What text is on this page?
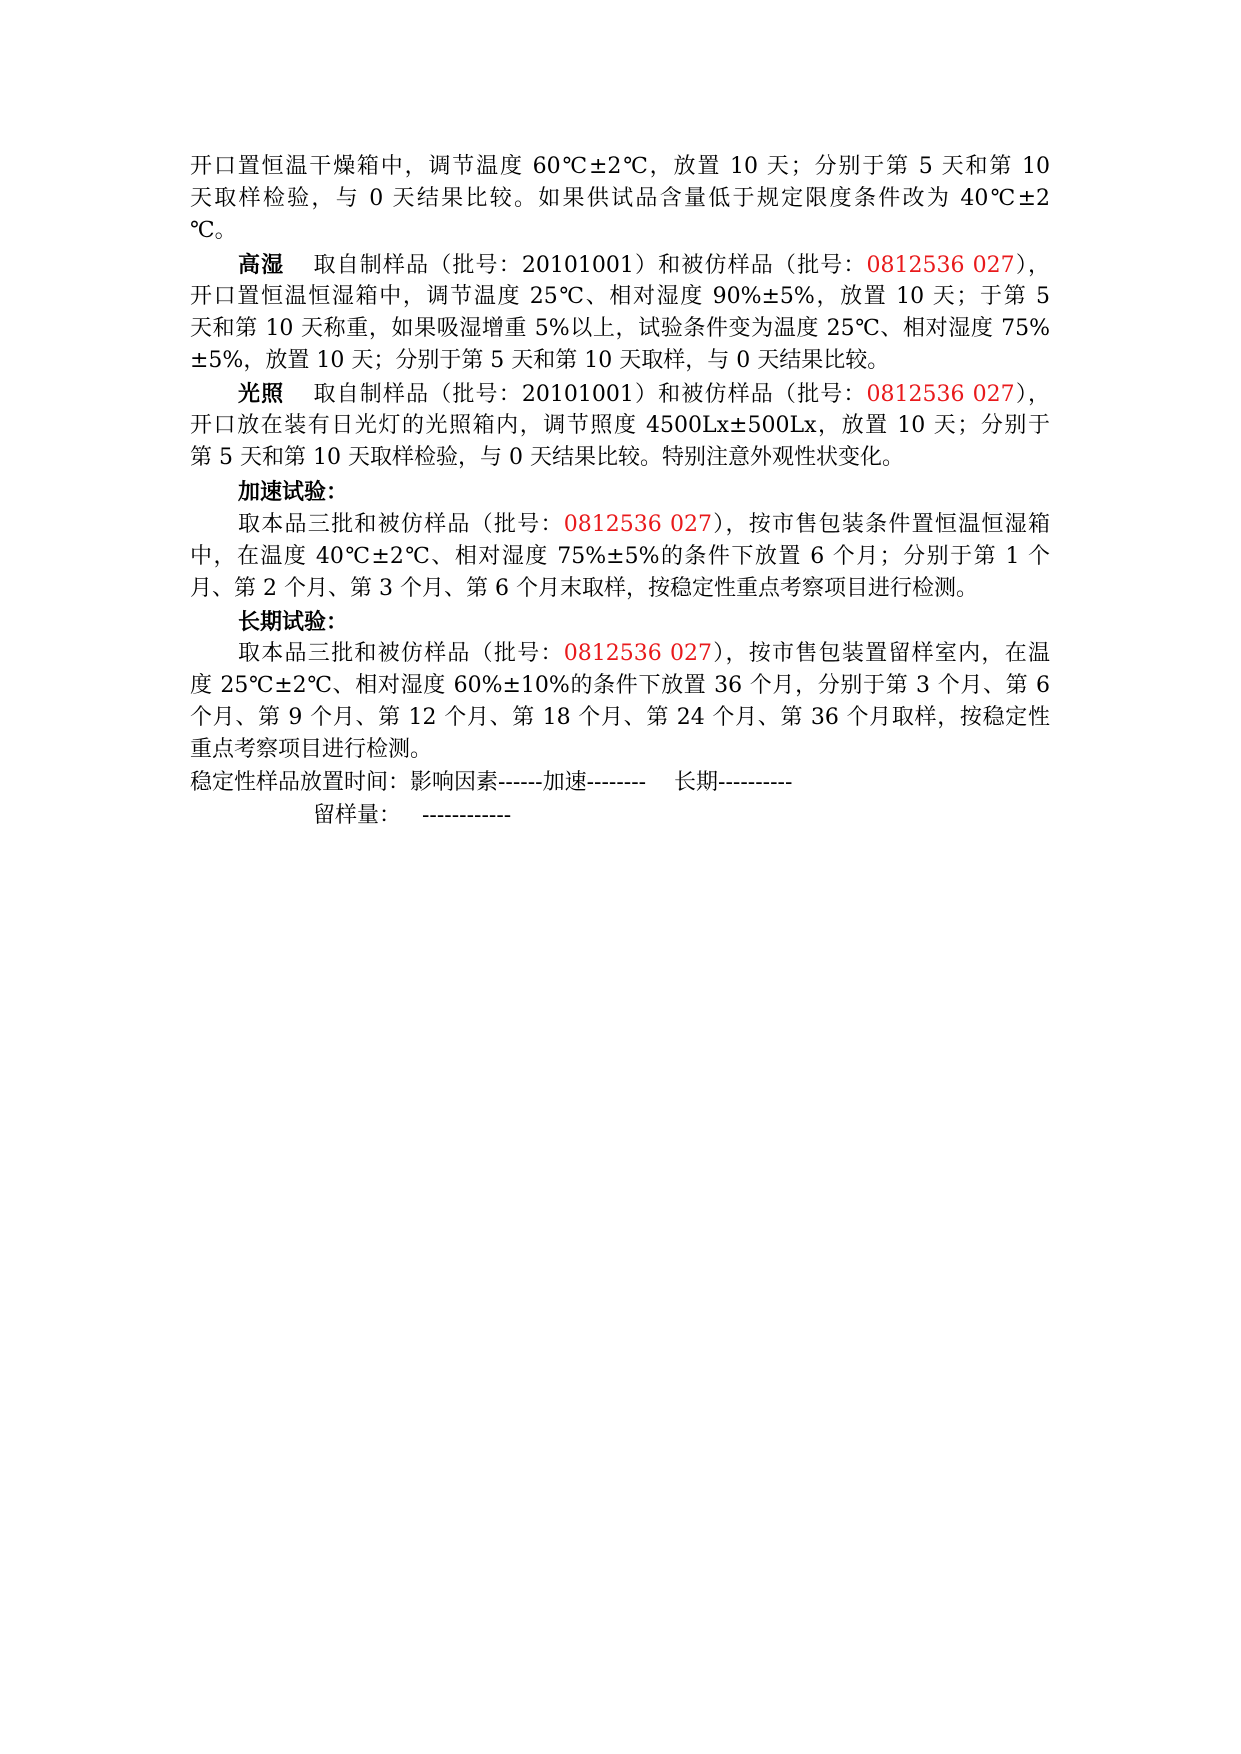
开口置恒温干燥箱中，调节温度 60℃±2℃，放置 10 天；分别于第 5 天和第 10
天取样检验，与 0 天结果比较。如果供试品含量低于规定限度条件改为 40℃±2
℃。
高湿 取自制样品（批号：20101001）和被仿样品（批号：0812536 027），
开口置恒温恒湿箱中，调节温度 25℃、相对湿度 90%±5%，放置 10 天；于第 5
天和第 10 天称重，如果吸湿增重 5%以上，试验条件变为温度 25℃、相对湿度 75%
±5%，放置 10 天；分别于第 5 天和第 10 天取样，与 0 天结果比较。
光照 取自制样品（批号：20101001）和被仿样品（批号：0812536 027），
开口放在装有日光灯的光照箱内，调节照度 4500Lx±500Lx，放置 10 天；分别于
第 5 天和第 10 天取样检验，与 0 天结果比较。特别注意外观性状变化。
加速试验：
取本品三批和被仿样品（批号：0812536 027），按市售包装条件置恒温恒湿箱
中，在温度 40℃±2℃、相对湿度 75%±5%的条件下放置 6 个月；分别于第 1 个
月、第 2 个月、第 3 个月、第 6 个月末取样，按稳定性重点考察项目进行检测。
长期试验：
取本品三批和被仿样品（批号：0812536 027），按市售包装置留样室内，在温
度 25℃±2℃、相对湿度 60%±10%的条件下放置 36 个月，分别于第 3 个月、第 6
个月、第 9 个月、第 12 个月、第 18 个月、第 24 个月、第 36 个月取样，按稳定性
重点考察项目进行检测。
稳定性样品放置时间：影响因素------加速--------    长期----------
留样量：   ------------
